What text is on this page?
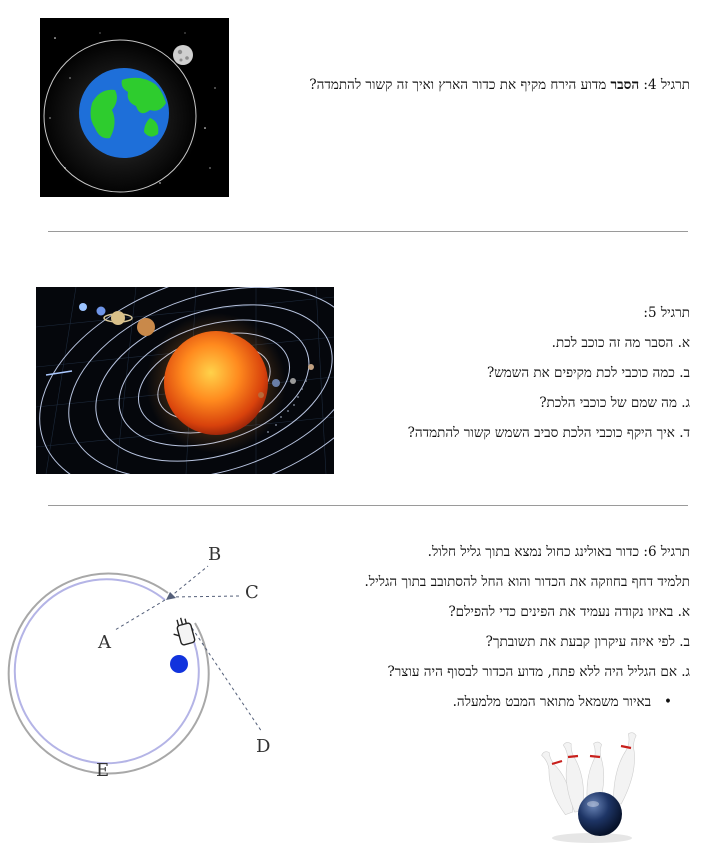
תרגיל 4: הסבר מדוע הירח מקיף את כדור הארץ ואיך זה קשור להתמדה?
תרגיל 5:
א. הסבר מה זה כוכב לכת.
ב. כמה כוכבי לכת מקיפים את השמש?
ג. מה שמם של כוכבי הלכת?
ד. איך היקף כוכבי הלכת סביב השמש קשור להתמדה?
A
B
C
D
E
תרגיל 6: כדור באולינג כחול נמצא בתוך גליל חלול.
תלמיד דחף בחוזקה את הכדור והוא החל להסתובב בתוך הגליל.
א. באיזו נקודה נעמיד את הפינים כדי להפילם?
ב. לפי איזה עיקרון קבעת את תשובתך?
ג. אם הגליל היה ללא פתח, מדוע הכדור לבסוף היה עוצר?
•   באיור משמאל מתואר המבט מלמעלה.
